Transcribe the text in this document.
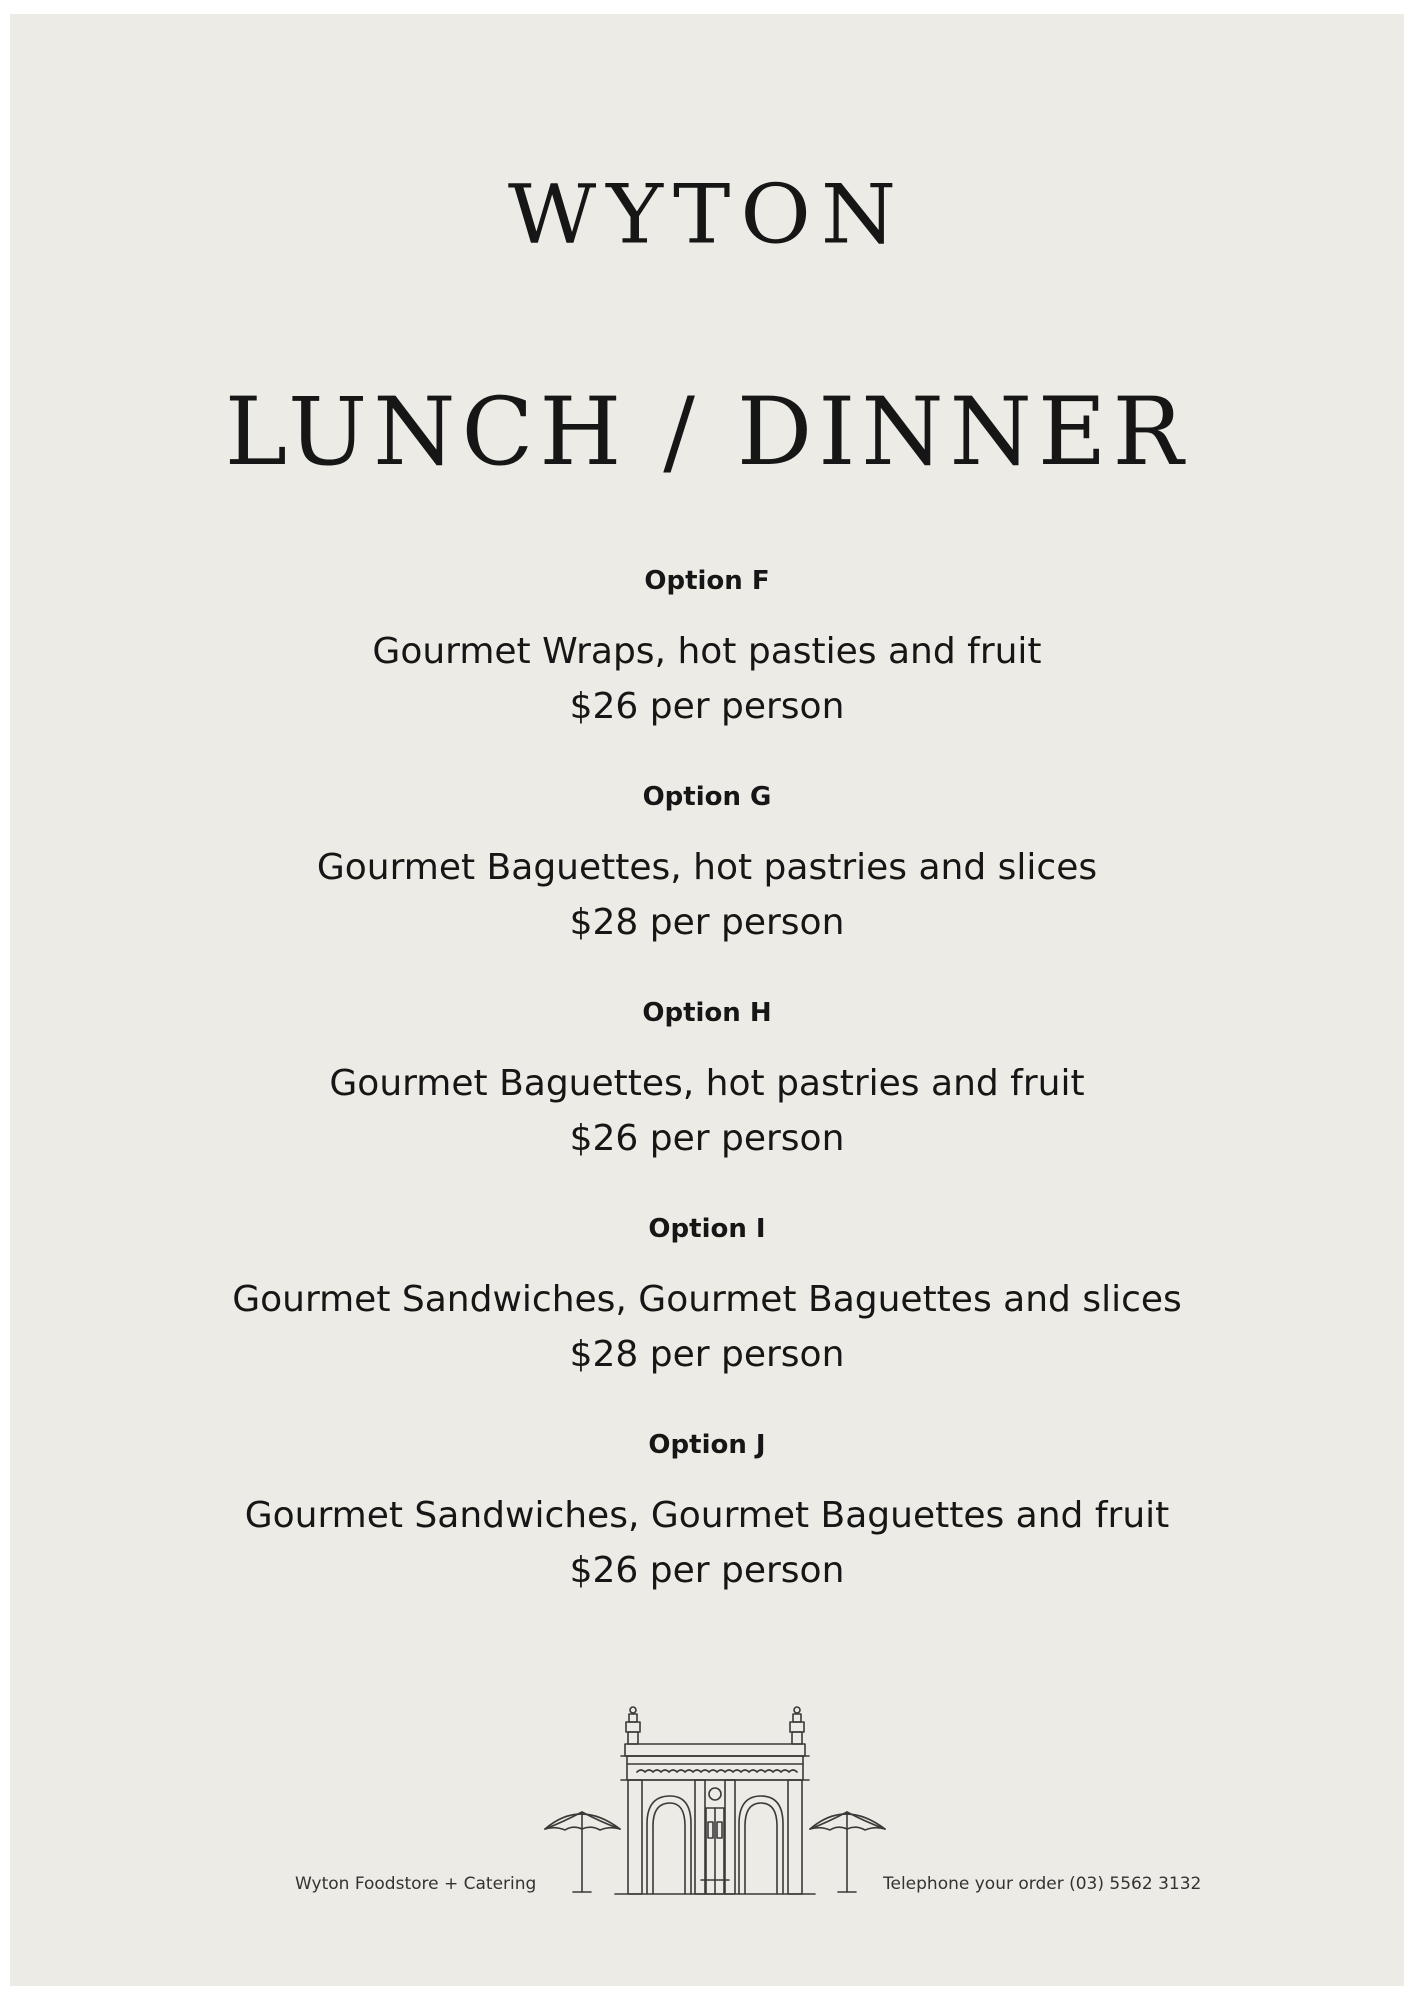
WYTON
LUNCH / DINNER
Option F
Gourmet Wraps, hot pasties and fruit
$26 per person
Option G
Gourmet Baguettes, hot pastries and slices
$28 per person
Option H
Gourmet Baguettes, hot pastries and fruit
$26 per person
Option I
Gourmet Sandwiches, Gourmet Baguettes and slices
$28 per person
Option J
Gourmet Sandwiches, Gourmet Baguettes and fruit
$26 per person
Wyton Foodstore + Catering	Telephone your order (03) 5562 3132
